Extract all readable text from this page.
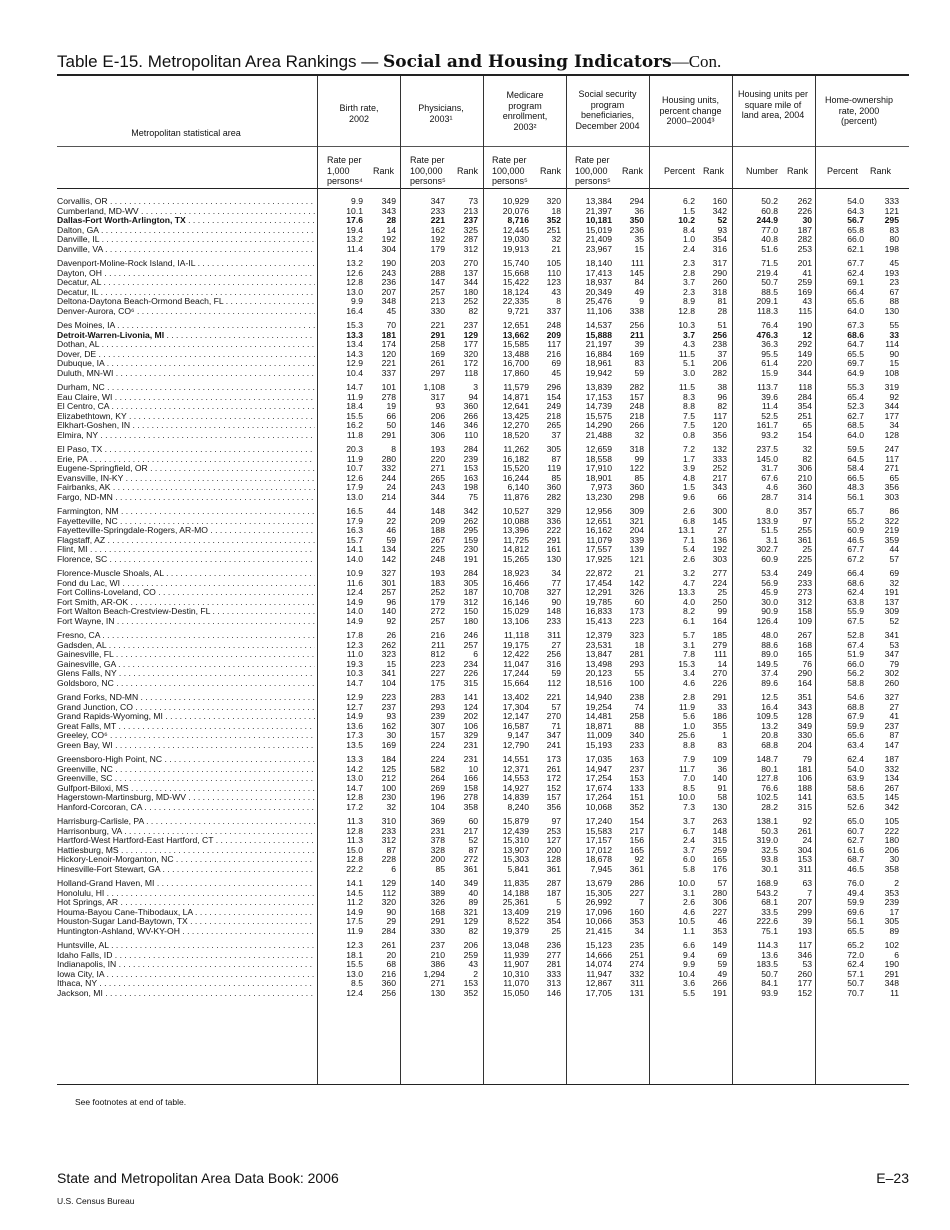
Table E-15. Metropolitan Area Rankings — Social and Housing Indicators—Con.
Metropolitan statistical area
Birth rate, 2002
Physicians, 2003¹
Medicare program enrollment, 2003²
Social security program beneficiaries, December 2004
Housing units, percent change 2000–2004³
Housing units per square mile of land area, 2004
Home-ownership rate, 2000 (percent)
Rate per 1,000 persons⁴
Rank
Rate per 100,000 persons⁵
Rank
Rate per 100,000 persons⁵
Rank
Rate per 100,000 persons⁵
Rank	Percent Rank	Number Rank	Percent	Rank
Corvallis, OR . . .	9.9	349	347	73	10,929	320	13,384	294	6.2	160	50.2	262	54.0	333
Cumberland, MD-WV . . .	10.1	343	233	213	20,076	18	21,397	36	1.5	342	60.8	226	64.3	121
Dallas-Fort Worth-Arlington, TX . . .	17.6	28	221	237	8,716	352	10,181	350	10.2	52	244.9	30	56.7	295
Dalton, GA . . .	19.4	14	162	325	12,445	251	15,019	236	8.4	93	77.0	187	65.8	83
Danville, IL . . .	13.2	192	192	287	19,030	32	21,409	35	1.0	354	40.8	282	66.0	80
Danville, VA . . .	11.4	304	179	312	19,913	21	23,967	15	2.4	316	51.6	253	62.1	198
Davenport-Moline-Rock Island, IA-IL . . .	13.2	190	203	270	15,740	105	18,140	111	2.3	317	71.5	201	67.7	45
Dayton, OH . . .	12.6	243	288	137	15,668	110	17,413	145	2.8	290	219.4	41	62.4	193
Decatur, AL . . .	12.8	236	147	344	15,422	123	18,937	84	3.7	260	50.7	259	69.1	23
Decatur, IL . . .	13.0	207	257	180	18,124	43	20,349	49	2.3	318	88.5	169	66.4	67
Deltona-Daytona Beach-Ormond Beach, FL . . .	9.9	348	213	252	22,335	8	25,476	9	8.9	81	209.1	43	65.6	88
Denver-Aurora, CO⁶ . . .	16.4	45	330	82	9,721	337	11,106	338	12.8	28	118.3	115	64.0	130
Des Moines, IA . . .	15.3	70	221	237	12,651	248	14,537	256	10.3	51	76.4	190	67.3	55
Detroit-Warren-Livonia, MI . . .	13.3	181	291	129	13,662	209	15,888	211	3.7	256	476.3	12	68.6	33
Dothan, AL . . .	13.4	174	258	177	15,585	117	21,197	39	4.3	238	36.3	292	64.7	114
Dover, DE . . .	14.3	120	169	320	13,488	216	16,884	169	11.5	37	95.5	149	65.5	90
Dubuque, IA . . .	12.9	221	261	172	16,700	69	18,961	83	5.1	206	61.4	220	69.7	15
Duluth, MN-WI . . .	10.4	337	297	118	17,860	45	19,942	59	3.0	282	15.9	344	64.9	108
Durham, NC . . .	14.7	101	1,108	3	11,579	296	13,839	282	11.5	38	113.7	118	55.3	319
Eau Claire, WI . . .	11.9	278	317	94	14,871	154	17,153	157	8.3	96	39.6	284	65.4	92
El Centro, CA . . .	18.4	19	93	360	12,641	249	14,739	248	8.8	82	11.4	354	52.3	344
Elizabethtown, KY . . .	15.5	66	206	266	13,425	218	15,575	218	7.5	117	52.5	251	62.7	177
Elkhart-Goshen, IN . . .	16.2	50	146	346	12,270	265	14,290	266	7.5	120	161.7	65	68.5	34
Elmira, NY . . .	11.8	291	306	110	18,520	37	21,488	32	0.8	356	93.2	154	64.0	128
El Paso, TX . . .	20.3	8	193	284	11,262	305	12,659	318	7.2	132	237.5	32	59.5	247
Erie, PA . . .	11.9	280	220	239	16,182	87	18,558	99	1.7	333	145.0	82	64.5	117
Eugene-Springfield, OR . . .	10.7	332	271	153	15,520	119	17,910	122	3.9	252	31.7	306	58.4	271
Evansville, IN-KY . . .	12.6	244	265	163	16,244	85	18,901	85	4.8	217	67.6	210	66.5	65
Fairbanks, AK . . .	17.9	24	243	198	6,140	360	7,973	360	1.5	343	4.6	360	48.3	356
Fargo, ND-MN . . .	13.0	214	344	75	11,876	282	13,230	298	9.6	66	28.7	314	56.1	303
Farmington, NM . . .	16.5	44	148	342	10,527	329	12,956	309	2.6	300	8.0	357	65.7	86
Fayetteville, NC . . .	17.9	22	209	262	10,088	336	12,651	321	6.8	145	133.9	97	55.2	322
Fayetteville-Springdale-Rogers, AR-MO . . .	16.3	46	188	295	13,396	222	16,162	204	13.1	27	51.5	255	60.9	219
Flagstaff, AZ . . .	15.7	59	267	159	11,725	291	11,079	339	7.1	136	3.1	361	46.5	359
Flint, MI . . .	14.1	134	225	230	14,812	161	17,557	139	5.4	192	302.7	25	67.7	44
Florence, SC . . .	14.0	142	248	191	15,265	130	17,925	121	2.6	303	60.9	225	67.2	57
Florence-Muscle Shoals, AL . . .	10.9	327	193	284	18,923	34	22,872	21	3.2	277	53.4	249	66.4	69
Fond du Lac, WI . . .	11.6	301	183	305	16,466	77	17,454	142	4.7	224	56.9	233	68.6	32
Fort Collins-Loveland, CO . . .	12.4	257	252	187	10,708	327	12,291	326	13.3	25	45.9	273	62.4	191
Fort Smith, AR-OK . . .	14.9	96	179	312	16,146	90	19,785	60	4.0	250	30.0	312	63.8	137
Fort Walton Beach-Crestview-Destin, FL . . .	14.0	140	272	150	15,029	148	16,833	173	8.2	99	90.9	158	55.9	309
Fort Wayne, IN . . .	14.9	92	257	180	13,106	233	15,413	223	6.1	164	126.4	109	67.5	52
Fresno, CA . . .	17.8	26	216	246	11,118	311	12,379	323	5.7	185	48.0	267	52.8	341
Gadsden, AL . . .	12.3	262	211	257	19,175	27	23,531	18	3.1	279	88.6	168	67.4	53
Gainesville, FL . . .	11.0	323	812	6	12,422	256	13,847	281	7.8	111	89.0	165	51.9	347
Gainesville, GA . . .	19.3	15	223	234	11,047	316	13,498	293	15.3	14	149.5	76	66.0	79
Glens Falls, NY . . .	10.3	341	227	226	17,244	59	20,123	55	3.4	270	37.4	290	56.2	302
Goldsboro, NC . . .	14.7	104	175	315	15,664	112	18,516	100	4.6	226	89.6	164	58.8	260
Grand Forks, ND-MN . . .	12.9	223	283	141	13,402	221	14,940	238	2.8	291	12.5	351	54.6	327
Grand Junction, CO . . .	12.7	237	293	124	17,304	57	19,254	74	11.9	33	16.4	343	68.8	27
Grand Rapids-Wyoming, MI . . .	14.9	93	239	202	12,147	270	14,481	258	5.6	186	109.5	128	67.9	41
Great Falls, MT . . .	13.6	162	307	106	16,587	71	18,871	88	1.0	355	13.2	349	59.9	237
Greeley, CO⁶ . . .	17.3	30	157	329	9,147	347	11,009	340	25.6	1	20.8	330	65.6	87
Green Bay, WI . . .	13.5	169	224	231	12,790	241	15,193	233	8.8	83	68.8	204	63.4	147
Greensboro-High Point, NC . . .	13.3	184	224	231	14,551	173	17,035	163	7.9	109	148.7	79	62.4	187
Greenville, NC . . .	14.2	125	582	10	12,371	261	14,947	237	11.7	36	80.1	181	54.0	332
Greenville, SC . . .	13.0	212	264	166	14,553	172	17,254	153	7.0	140	127.8	106	63.9	134
Gulfport-Biloxi, MS . . .	14.7	100	269	158	14,927	152	17,674	133	8.5	91	76.6	188	58.6	267
Hagerstown-Martinsburg, MD-WV . . .	12.8	230	196	278	14,839	157	17,264	151	10.0	58	102.5	141	63.5	145
Hanford-Corcoran, CA . . .	17.2	32	104	358	8,240	356	10,068	352	7.3	130	28.2	315	52.6	342
Harrisburg-Carlisle, PA . . .	11.3	310	369	60	15,879	97	17,240	154	3.7	263	138.1	92	65.0	105
Harrisonburg, VA . . .	12.8	233	231	217	12,439	253	15,583	217	6.7	148	50.3	261	60.7	222
Hartford-West Hartford-East Hartford, CT . . .	11.3	312	378	52	15,310	127	17,157	156	2.4	315	319.0	24	62.7	180
Hattiesburg, MS . . .	15.0	87	328	87	13,907	200	17,012	165	3.7	259	32.5	304	61.6	206
Hickory-Lenoir-Morganton, NC . . .	12.8	228	200	272	15,303	128	18,678	92	6.0	165	93.8	153	68.7	30
Hinesville-Fort Stewart, GA . . .	22.2	6	85	361	5,841	361	7,945	361	5.8	176	30.1	311	46.5	358
Holland-Grand Haven, MI . . .	14.1	129	140	349	11,835	287	13,679	286	10.0	57	168.9	63	76.0	2
Honolulu, HI . . .	14.5	112	389	40	14,188	187	15,305	227	3.1	280	543.2	7	49.4	353
Hot Springs, AR . . .	11.2	320	326	89	25,361	5	26,992	7	2.6	306	68.1	207	59.9	239
Houma-Bayou Cane-Thibodaux, LA . . .	14.9	90	168	321	13,409	219	17,096	160	4.6	227	33.5	299	69.6	17
Houston-Sugar Land-Baytown, TX . . .	17.5	29	291	129	8,522	354	10,066	353	10.5	46	222.6	39	56.1	305
Huntington-Ashland, WV-KY-OH . . .	11.9	284	330	82	19,379	25	21,415	34	1.1	353	75.1	193	65.5	89
Huntsville, AL . . .	12.3	261	237	206	13,048	236	15,123	235	6.6	149	114.3	117	65.2	102
Idaho Falls, ID . . .	18.1	20	210	259	11,939	277	14,666	251	9.4	69	13.6	346	72.0	6
Indianapolis, IN . . .	15.5	68	386	43	11,907	281	14,074	274	9.9	59	183.5	53	62.4	190
Iowa City, IA . . .	13.0	216	1,294	2	10,310	333	11,947	332	10.4	49	50.7	260	57.1	291
Ithaca, NY . . .	8.5	360	271	153	11,070	313	12,867	311	3.6	266	84.1	177	50.7	348
Jackson, MI . . .	12.4	256	130	352	15,050	146	17,705	131	5.5	191	93.9	152	70.7	11
See footnotes at end of table.
State and Metropolitan Area Data Book: 2006	E–23
U.S. Census Bureau
